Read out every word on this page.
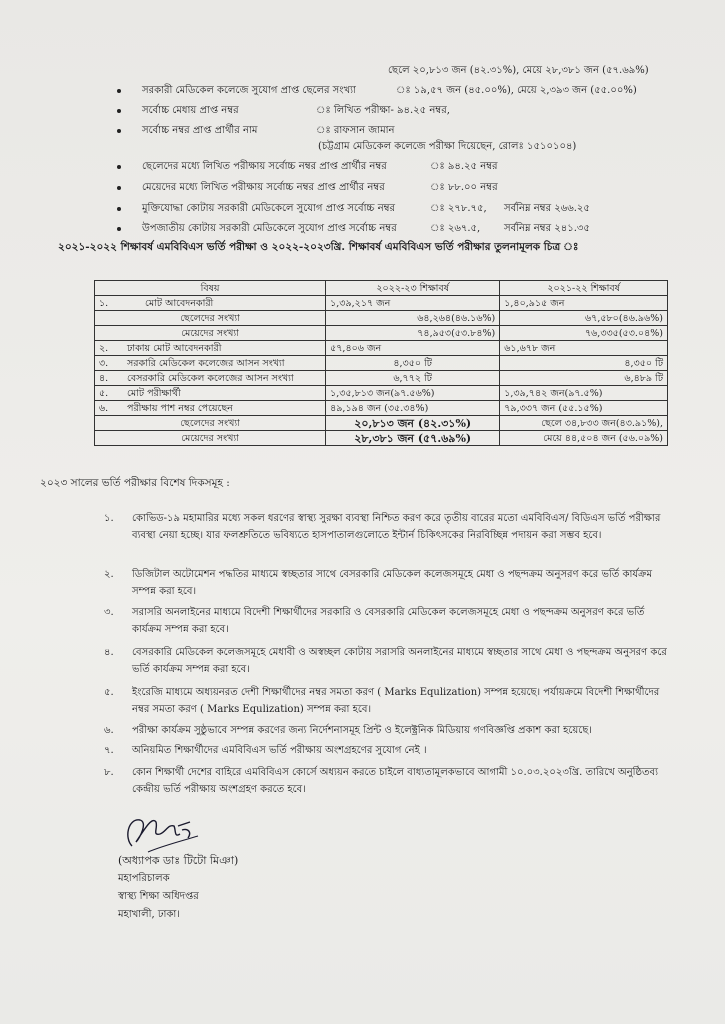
ছেলে ২০,৮১৩ জন (৪২.৩১%), মেয়ে ২৮,৩৮১ জন (৫৭.৬৯%)
সরকারী মেডিকেল কলেজে সুযোগ প্রাপ্ত ছেলের সংখ্যা	ঃ ১৯,৫৭ জন (৪৫.০০%), মেয়ে ২,৩৯৩ জন (৫৫.০০%)
সর্বোচ্চ মেধায় প্রাপ্ত নম্বর	ঃ লিখিত পরীক্ষা- ৯৪.২৫ নম্বর,
সর্বোচ্চ নম্বর প্রাপ্ত প্রার্থীর নাম	ঃ রাফসান জামান
(চট্টগ্রাম মেডিকেল কলেজে পরীক্ষা দিয়েছেন, রোলঃ ১৫১০১০৪)
ছেলেদের মধ্যে লিখিত পরীক্ষায় সর্বোচ্চ নম্বর প্রাপ্ত প্রার্থীর নম্বর	ঃ ৯৪.২৫ নম্বর
মেয়েদের মধ্যে লিখিত পরীক্ষায় সর্বোচ্চ নম্বর প্রাপ্ত প্রার্থীর নম্বর	ঃ ৮৮.০০ নম্বর
মুক্তিযোদ্ধা কোটায় সরকারী মেডিকেলে সুযোগ প্রাপ্ত সর্বোচ্চ নম্বর	ঃ ২৭৮.৭৫, সর্বনিম্ন নম্বর ২৬৬.২৫
উপজাতীয় কোটায় সরকারী মেডিকেলে সুযোগ প্রাপ্ত সর্বোচ্চ নম্বর	ঃ ২৬৭.৫, সর্বনিম্ন নম্বর ২৪১.৩৫
২০২১-২০২২ শিক্ষাবর্ষ এমবিবিএস ভর্তি পরীক্ষা ও ২০২২-২০২৩খ্রি. শিক্ষাবর্ষ এমবিবিএস ভর্তি পরীক্ষার তুলনামূলক চিত্র ঃ
বিষয়	২০২২-২৩ শিক্ষাবর্ষ	২০২১-২২ শিক্ষাবর্ষ
১. মোট আবেদনকারী	১,৩৯,২১৭ জন	১,৪০,৯১৫ জন
ছেলেদের সংখ্যা	৬৪,২৬৪(৪৬.১৬%)	৬৭,৫৮০(৪৬.৯৬%)
মেয়েদের সংখ্যা	৭৪,৯৫৩(৫৩.৮৪%)	৭৬,৩৩৫(৫৩.০৪%)
২. ঢাকায় মোট আবেদনকারী	৫৭,৪০৬ জন	৬১,৬৭৮ জন
৩. সরকারি মেডিকেল কলেজের আসন সংখ্যা	৪,৩৫০ টি	৪,৩৫০ টি
৪. বেসরকারি মেডিকেল কলেজের আসন সংখ্যা	৬,৭৭২ টি	৬,৪৮৯ টি
৫. মোট পরীক্ষার্থী	১,৩৫,৮১৩ জন(৯৭.৫৬%)	১,৩৯,৭৪২ জন(৯৭.৫%)
৬. পরীক্ষায় পাশ নম্বর পেয়েছেন	৪৯,১৯৪ জন (৩৫.৩৪%)	৭৯,৩৩৭ জন (৫৫.১৫%)
ছেলেদের সংখ্যা	২০,৮১৩ জন (৪২.৩১%)	ছেলে ৩৪,৮৩৩ জন(৪৩.৯১%),
মেয়েদের সংখ্যা	২৮,৩৮১ জন (৫৭.৬৯%)	মেয়ে ৪৪,৫০৪ জন (৫৬.০৯%)
২০২৩ সালের ভর্তি পরীক্ষার বিশেষ দিকসমূহ :
১. কোভিড-১৯ মহামারির মধ্যে সকল ধরণের স্বাস্থ্য সুরক্ষা ব্যবস্থা নিশ্চিত করণ করে তৃতীয় বারের মতো এমবিবিএস/ বিডিএস ভর্তি পরীক্ষার ব্যবস্থা নেয়া হচ্ছে। যার ফলশ্রুতিতে ভবিষ্যতে হাসপাতালগুলোতে ইন্টার্ন চিকিৎসকের নিরবিচ্ছিন্ন পদায়ন করা সম্ভব হবে।
২. ডিজিটাল অটোমেশন পদ্ধতির মাধ্যমে স্বচ্ছতার সাথে বেসরকারি মেডিকেল কলেজসমূহে মেধা ও পছন্দক্রম অনুসরণ করে ভর্তি কার্যক্রম সম্পন্ন করা হবে।
৩. সরাসরি অনলাইনের মাধ্যমে বিদেশী শিক্ষার্থীদের সরকারি ও বেসরকারি মেডিকেল কলেজসমূহে মেধা ও পছন্দক্রম অনুসরণ করে ভর্তি কার্যক্রম সম্পন্ন করা হবে।
৪. বেসরকারি মেডিকেল কলেজসমূহে মেধাবী ও অস্বচ্ছল কোটায় সরাসরি অনলাইনের মাধ্যমে স্বচ্ছতার সাথে মেধা ও পছন্দক্রম অনুসরণ করে ভর্তি কার্যক্রম সম্পন্ন করা হবে।
৫. ইংরেজি মাধ্যমে অধ্যয়নরত দেশী শিক্ষার্থীদের নম্বর সমতা করণ ( Marks Equlization) সম্পন্ন হয়েছে। পর্যায়ক্রমে বিদেশী শিক্ষার্থীদের নম্বর সমতা করণ ( Marks Equlization) সম্পন্ন করা হবে।
৬. পরীক্ষা কার্যক্রম সুষ্ঠুভাবে সম্পন্ন করণের জন্য নির্দেশনাসমূহ প্রিন্ট ও ইলেক্ট্রনিক মিডিয়ায় গণবিজ্ঞপ্তি প্রকাশ করা হয়েছে।
৭. অনিয়মিত শিক্ষার্থীদের এমবিবিএস ভর্তি পরীক্ষায় অংশগ্রহণের সুযোগ নেই ।
৮. কোন শিক্ষার্থী দেশের বাহিরে এমবিবিএস কোর্সে অধ্যয়ন করতে চাইলে বাধ্যতামূলকভাবে আগামী ১০.০৩.২০২৩খ্রি. তারিখে অনুষ্ঠিতব্য কেন্দ্রীয় ভর্তি পরীক্ষায় অংশগ্রহণ করতে হবে।
(অধ্যাপক ডাঃ টিটো মিঞা)
মহাপরিচালক
স্বাস্থ্য শিক্ষা অধিদপ্তর
মহাখালী, ঢাকা।
